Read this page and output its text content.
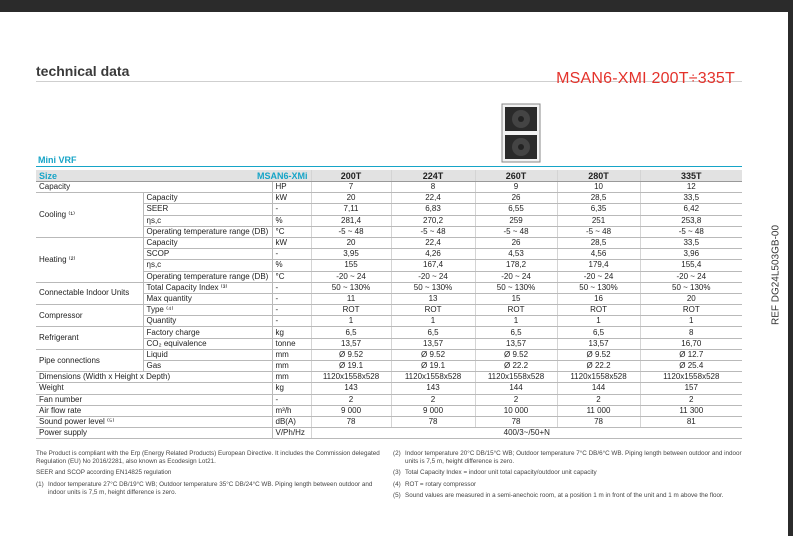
technical data	MSAN6-XMI 200T÷335T
REF DG24L503GB-00
Mini VRF
Size	MSAN6-XMi		200T	224T	260T	280T	335T
Capacity		HP	7	8	9	10	12
Cooling ⁽¹⁾	Capacity	kW	20	22,4	26	28,5	33,5
	SEER	-	7,11	6,83	6,55	6,35	6,42
	ηs,c	%	281,4	270,2	259	251	253,8
	Operating temperature range (DB)	°C	-5 ~ 48	-5 ~ 48	-5 ~ 48	-5 ~ 48	-5 ~ 48
Heating ⁽²⁾	Capacity	kW	20	22,4	26	28,5	33,5
	SCOP	-	3,95	4,26	4,53	4,56	3,96
	ηs,c	%	155	167,4	178,2	179,4	155,4
	Operating temperature range (DB)	°C	-20 ~ 24	-20 ~ 24	-20 ~ 24	-20 ~ 24	-20 ~ 24
Connectable Indoor Units	Total Capacity Index ⁽³⁾	-	50 ~ 130%	50 ~ 130%	50 ~ 130%	50 ~ 130%	50 ~ 130%
	Max quantity	-	11	13	15	16	20
Compressor	Type ⁽⁴⁾	-	ROT	ROT	ROT	ROT	ROT
	Quantity	-	1	1	1	1	1
Refrigerant	Factory charge	kg	6,5	6,5	6,5	6,5	8
	CO₂ equivalence	tonne	13,57	13,57	13,57	13,57	16,70
Pipe connections	Liquid	mm	Ø 9.52	Ø 9.52	Ø 9.52	Ø 9.52	Ø 12.7
	Gas	mm	Ø 19.1	Ø 19.1	Ø 22.2	Ø 22.2	Ø 25.4
Dimensions (Width x Height x Depth)		mm	1120x1558x528	1120x1558x528	1120x1558x528	1120x1558x528	1120x1558x528
Weight		kg	143	143	144	144	157
Fan number		-	2	2	2	2	2
Air flow rate		m³/h	9 000	9 000	10 000	11 000	11 300
Sound power level ⁽⁵⁾		dB(A)	78	78	78	78	81
Power supply		V/Ph/Hz	400/3~/50+N				
The Product is compliant with the Erp (Energy Related Products) European Directive. It includes the Commission delegated Regulation (EU) No 2016/2281, also known as Ecodesign Lot21.
SEER and SCOP according EN14825 regulation
(1) Indoor temperature 27°C DB/19°C WB; Outdoor temperature 35°C DB/24°C WB. Piping length between outdoor and indoor units is 7,5 m, height difference is zero.
(2) Indoor temperature 20°C DB/15°C WB; Outdoor temperature 7°C DB/6°C WB. Piping length between outdoor and indoor units is 7,5 m, height difference is zero.
(3) Total Capacity Index = indoor unit total capacity/outdoor unit capacity
(4) ROT = rotary compressor
(5) Sound values are measured in a semi-anechoic room, at a position 1 m in front of the unit and 1 m above the floor.
